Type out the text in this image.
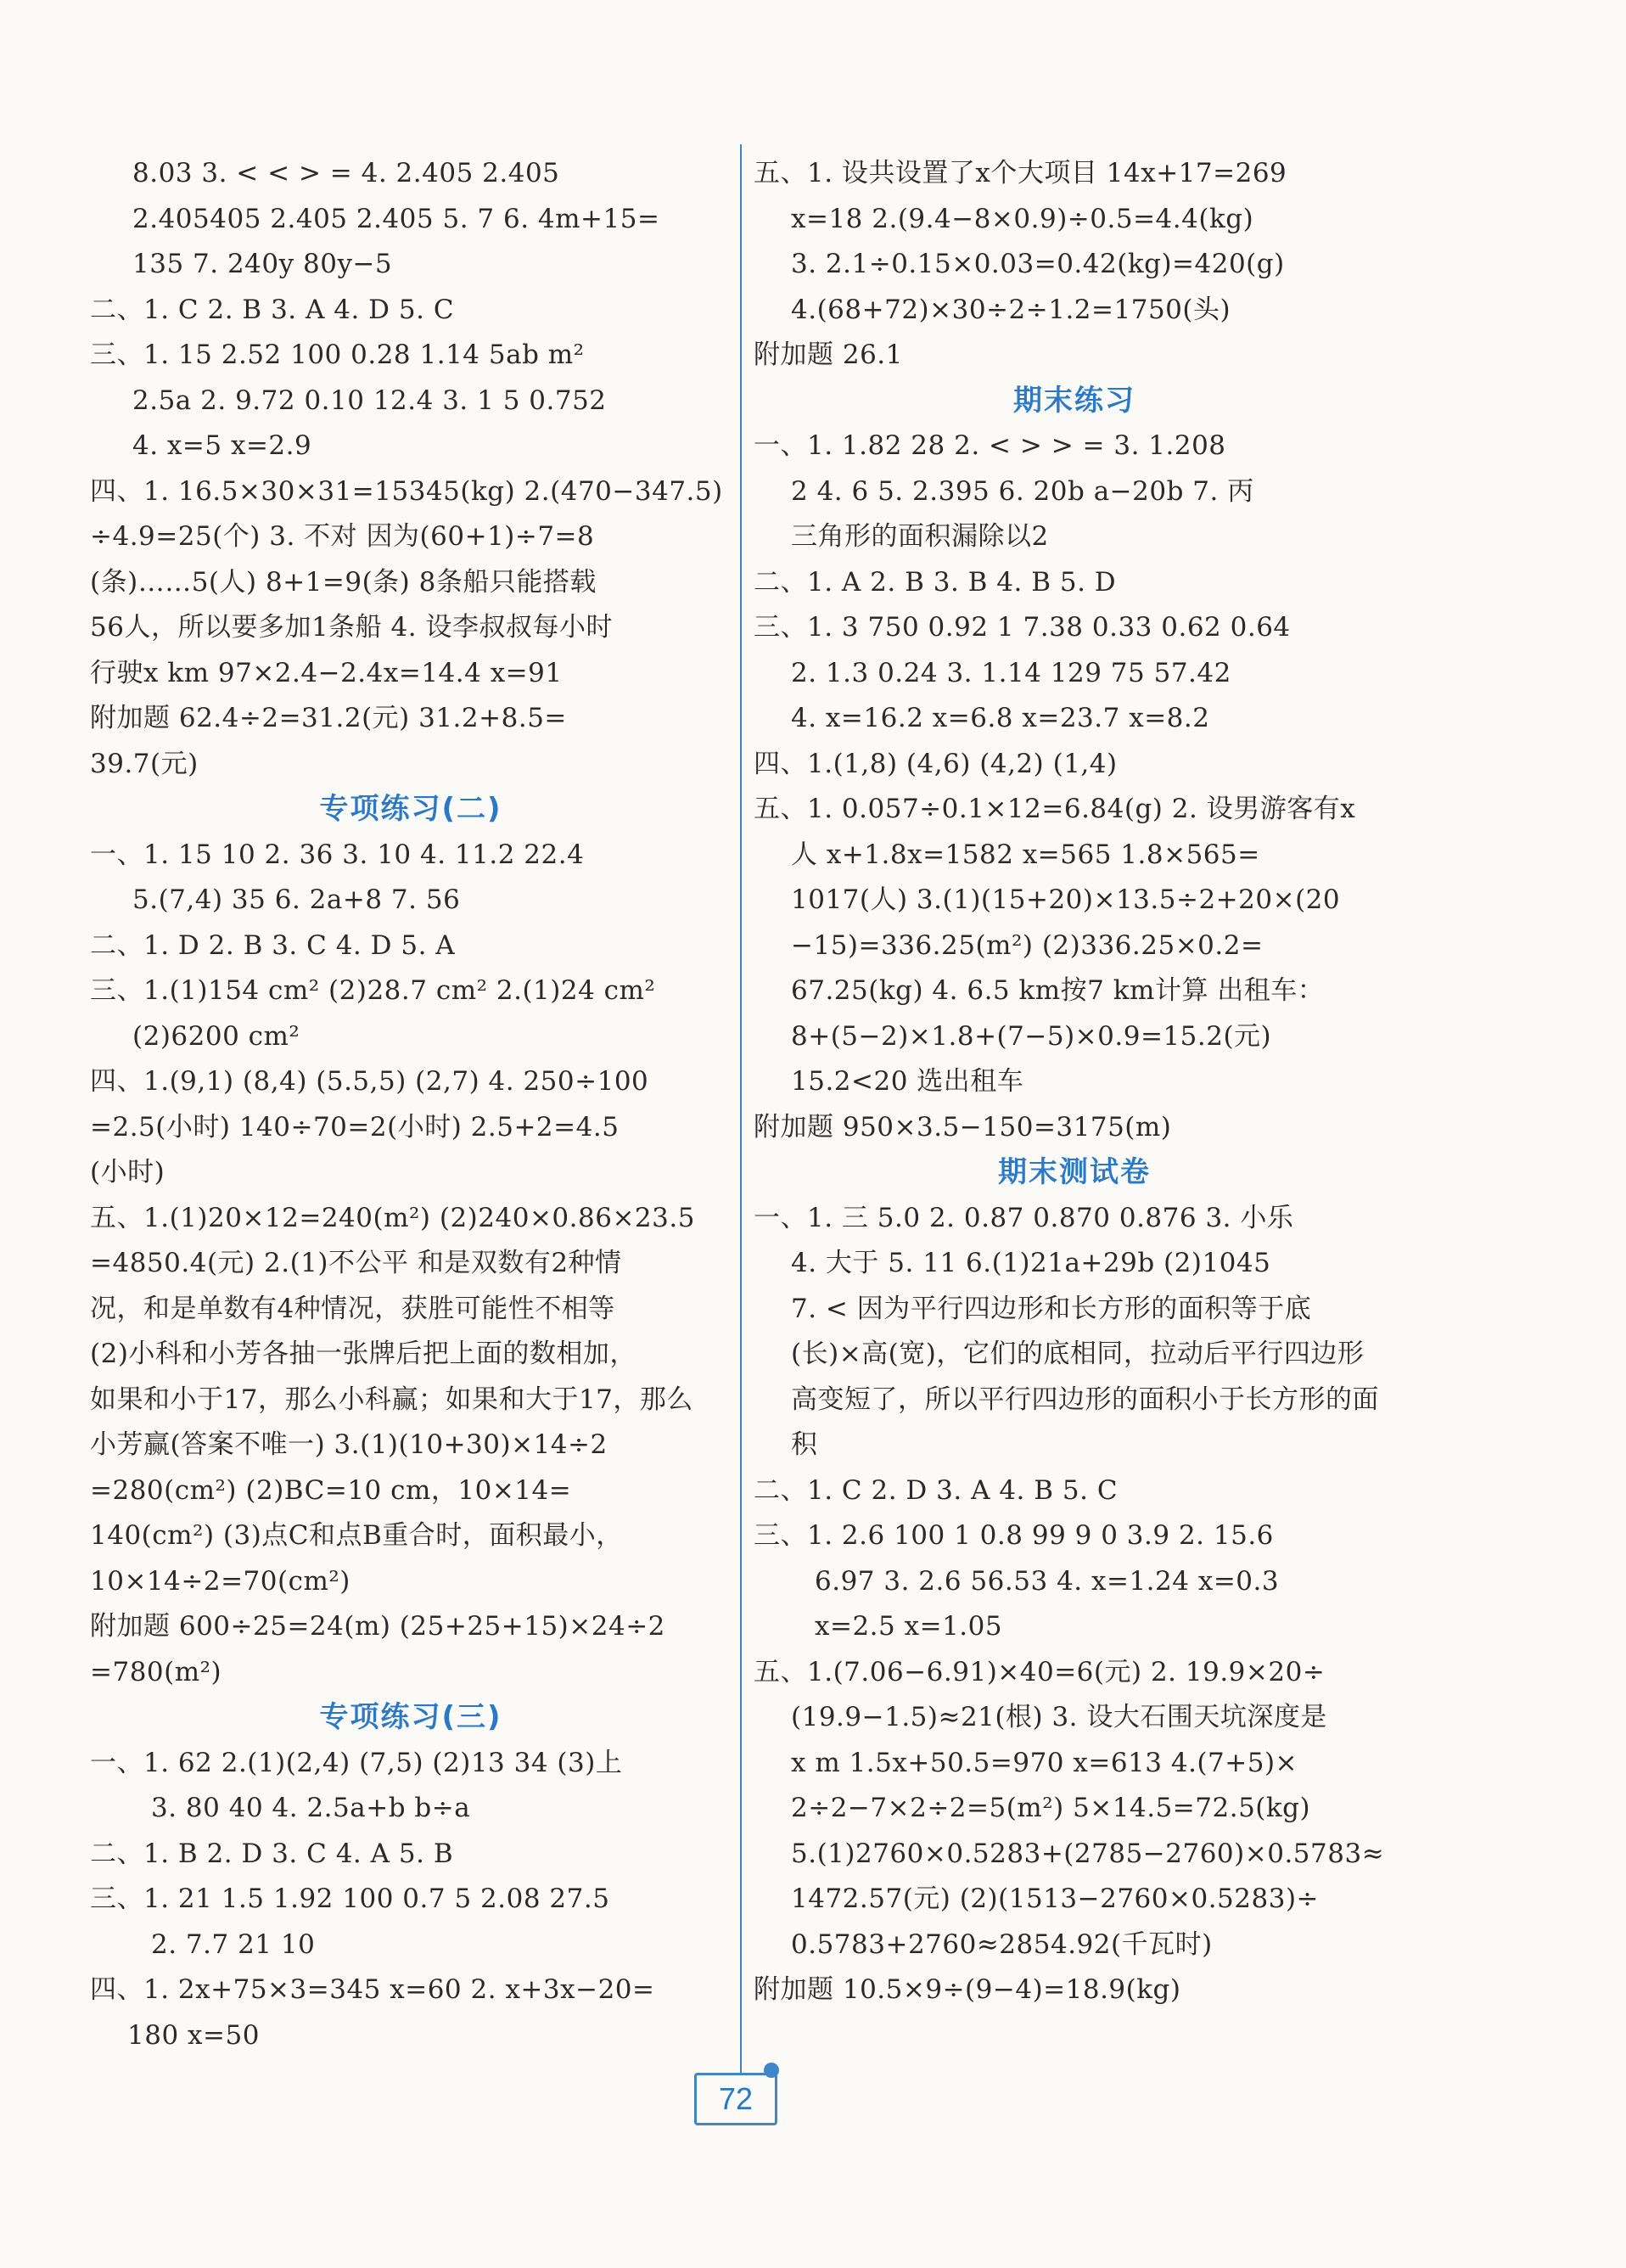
8.03 3. < < > = 4. 2.405 2.405
2.405405 2.405 2.405 5. 7 6. 4m+15=
135 7. 240y 80y−5
二、1. C 2. B 3. A 4. D 5. C
三、1. 15 2.52 100 0.28 1.14 5ab m²
2.5a 2. 9.72 0.10 12.4 3. 1 5 0.752
4. x=5 x=2.9
四、1. 16.5×30×31=15345(kg) 2.(470−347.5)
÷4.9=25(个) 3. 不对 因为(60+1)÷7=8
(条)……5(人) 8+1=9(条) 8条船只能搭载
56人，所以要多加1条船 4. 设李叔叔每小时
行驶x km 97×2.4−2.4x=14.4 x=91
附加题 62.4÷2=31.2(元) 31.2+8.5=
39.7(元)
专项练习(二)
一、1. 15 10 2. 36 3. 10 4. 11.2 22.4
5.(7,4) 35 6. 2a+8 7. 56
二、1. D 2. B 3. C 4. D 5. A
三、1.(1)154 cm² (2)28.7 cm² 2.(1)24 cm²
(2)6200 cm²
四、1.(9,1) (8,4) (5.5,5) (2,7) 4. 250÷100
=2.5(小时) 140÷70=2(小时) 2.5+2=4.5
(小时)
五、1.(1)20×12=240(m²) (2)240×0.86×23.5
=4850.4(元) 2.(1)不公平 和是双数有2种情
况，和是单数有4种情况，获胜可能性不相等
(2)小科和小芳各抽一张牌后把上面的数相加，
如果和小于17，那么小科赢；如果和大于17，那么
小芳赢(答案不唯一) 3.(1)(10+30)×14÷2
=280(cm²) (2)BC=10 cm，10×14=
140(cm²) (3)点C和点B重合时，面积最小，
10×14÷2=70(cm²)
附加题 600÷25=24(m) (25+25+15)×24÷2
=780(m²)
专项练习(三)
一、1. 62 2.(1)(2,4) (7,5) (2)13 34 (3)上
3. 80 40 4. 2.5a+b b÷a
二、1. B 2. D 3. C 4. A 5. B
三、1. 21 1.5 1.92 100 0.7 5 2.08 27.5
2. 7.7 21 10
四、1. 2x+75×3=345 x=60 2. x+3x−20=
180 x=50
五、1. 设共设置了x个大项目 14x+17=269
x=18 2.(9.4−8×0.9)÷0.5=4.4(kg)
3. 2.1÷0.15×0.03=0.42(kg)=420(g)
4.(68+72)×30÷2÷1.2=1750(头)
附加题 26.1
期末练习
一、1. 1.82 28 2. < > > = 3. 1.208
2 4. 6 5. 2.395 6. 20b a−20b 7. 丙
三角形的面积漏除以2
二、1. A 2. B 3. B 4. B 5. D
三、1. 3 750 0.92 1 7.38 0.33 0.62 0.64
2. 1.3 0.24 3. 1.14 129 75 57.42
4. x=16.2 x=6.8 x=23.7 x=8.2
四、1.(1,8) (4,6) (4,2) (1,4)
五、1. 0.057÷0.1×12=6.84(g) 2. 设男游客有x
人 x+1.8x=1582 x=565 1.8×565=
1017(人) 3.(1)(15+20)×13.5÷2+20×(20
−15)=336.25(m²) (2)336.25×0.2=
67.25(kg) 4. 6.5 km按7 km计算 出租车：
8+(5−2)×1.8+(7−5)×0.9=15.2(元)
15.2<20 选出租车
附加题 950×3.5−150=3175(m)
期末测试卷
一、1. 三 5.0 2. 0.87 0.870 0.876 3. 小乐
4. 大于 5. 11 6.(1)21a+29b (2)1045
7. < 因为平行四边形和长方形的面积等于底
(长)×高(宽)，它们的底相同，拉动后平行四边形
高变短了，所以平行四边形的面积小于长方形的面
积
二、1. C 2. D 3. A 4. B 5. C
三、1. 2.6 100 1 0.8 99 9 0 3.9 2. 15.6
6.97 3. 2.6 56.53 4. x=1.24 x=0.3
x=2.5 x=1.05
五、1.(7.06−6.91)×40=6(元) 2. 19.9×20÷
(19.9−1.5)≈21(根) 3. 设大石围天坑深度是
x m 1.5x+50.5=970 x=613 4.(7+5)×
2÷2−7×2÷2=5(m²) 5×14.5=72.5(kg)
5.(1)2760×0.5283+(2785−2760)×0.5783≈
1472.57(元) (2)(1513−2760×0.5283)÷
0.5783+2760≈2854.92(千瓦时)
附加题 10.5×9÷(9−4)=18.9(kg)
72
